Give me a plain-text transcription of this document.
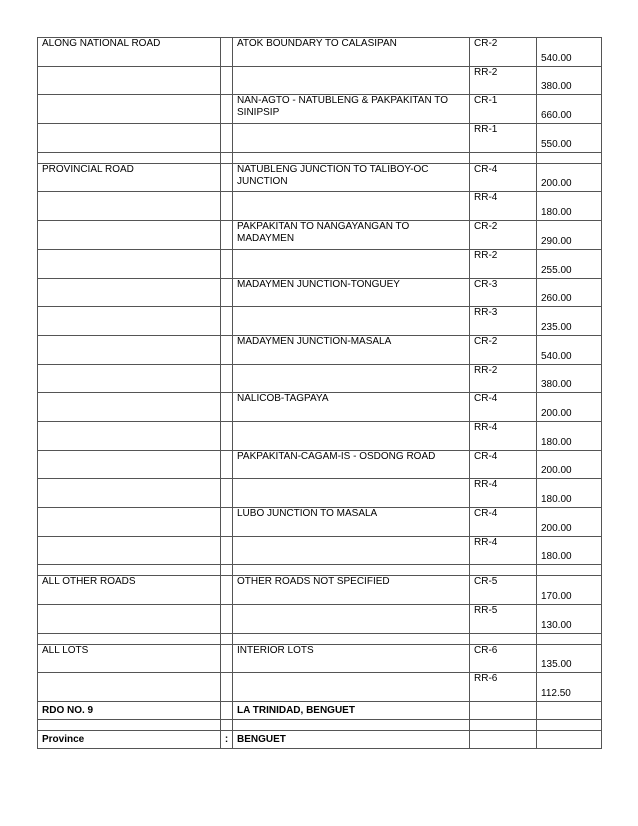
ALONG NATIONAL ROAD		ATOK BOUNDARY TO CALASIPAN	CR-2	540.00
			RR-2	380.00
		NAN-AGTO - NATUBLENG & PAKPAKITAN TO SINIPSIP	CR-1	660.00
			RR-1	550.00

PROVINCIAL ROAD		NATUBLENG JUNCTION TO TALIBOY-OC JUNCTION	CR-4	200.00
			RR-4	180.00
		PAKPAKITAN TO NANGAYANGAN TO MADAYMEN	CR-2	290.00
			RR-2	255.00
		MADAYMEN JUNCTION-TONGUEY	CR-3	260.00
			RR-3	235.00
		MADAYMEN JUNCTION-MASALA	CR-2	540.00
			RR-2	380.00
		NALICOB-TAGPAYA	CR-4	200.00
			RR-4	180.00
		PAKPAKITAN-CAGAM-IS - OSDONG ROAD	CR-4	200.00
			RR-4	180.00
		LUBO JUNCTION TO MASALA	CR-4	200.00
			RR-4	180.00

ALL OTHER ROADS		OTHER ROADS NOT SPECIFIED	CR-5	170.00
			RR-5	130.00

ALL LOTS		INTERIOR LOTS	CR-6	135.00
			RR-6	112.50
RDO NO. 9		LA TRINIDAD, BENGUET		

Province	:	BENGUET		
